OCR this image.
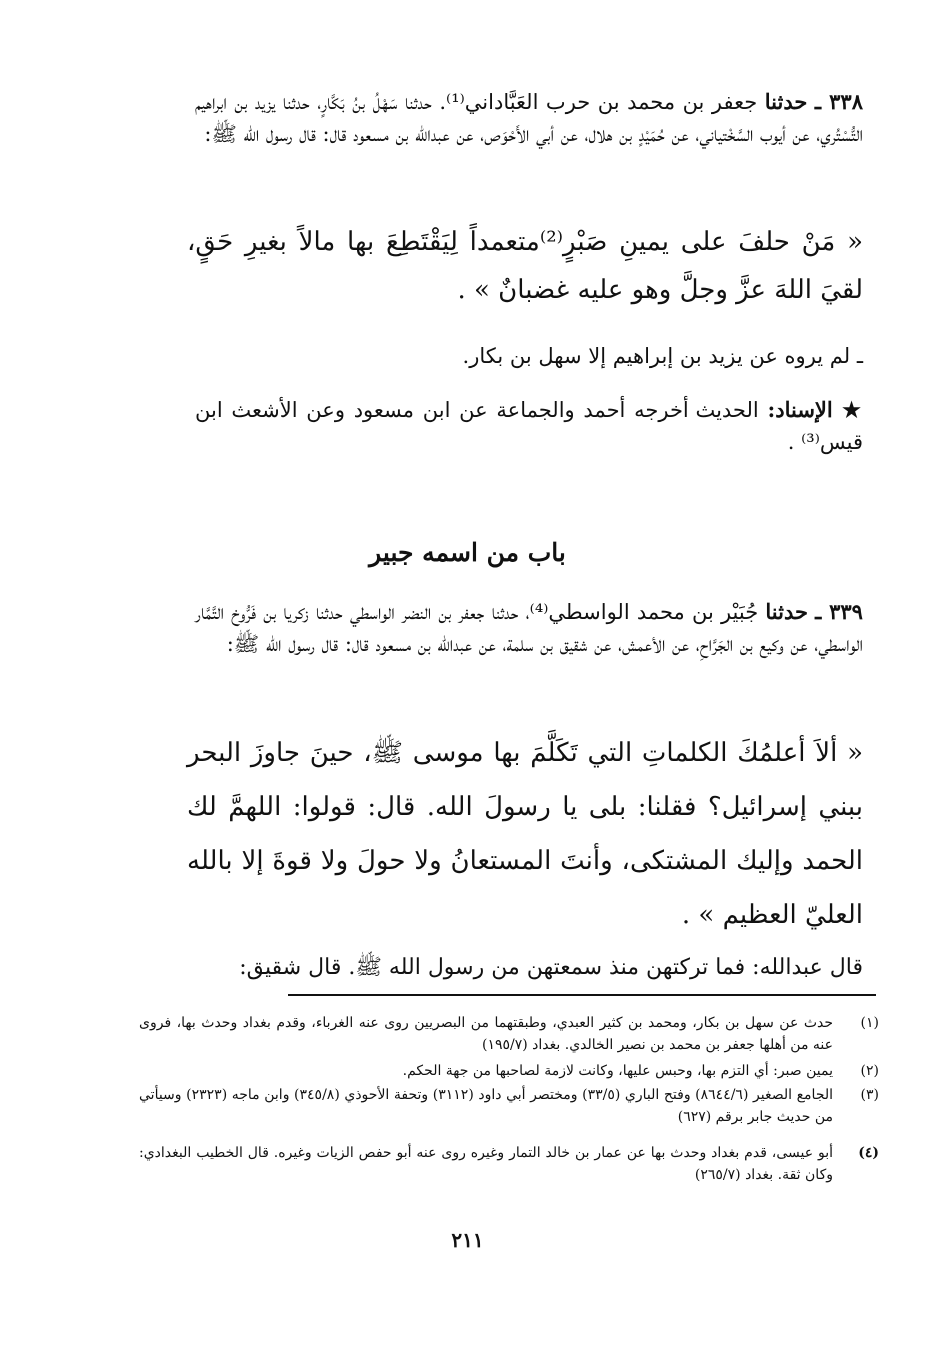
٣٣٨ ـ حدثنا جعفر بن محمد بن حرب العَبَّاداني⁽¹⁾. حدثنا سَهْلُ بنُ بَكَّارٍ، حدثنا يزيد بن ابراهيم التُّسْتُري، عن أيوب السَّخْتياني، عن حُمَيْدٍ بن هلال، عن أبي الأَحْوَص، عن عبدالله بن مسعود قال: قال رسول الله ﷺ:
« مَنْ حلفَ على يمينِ صَبْرٍ⁽²⁾متعمداً لِيَقْتَطِعَ بها مالاً بغيرِ حَقٍ، لقيَ اللهَ عزَّ وجلَّ وهو عليه غضبانٌ » .
ـ لم يروه عن يزيد بن إبراهيم إلا سهل بن بكار.
★ الإسناد: الحديث أخرجه أحمد والجماعة عن ابن مسعود وعن الأشعث ابن قيس⁽³⁾ .
باب من اسمه جبير
٣٣٩ ـ حدثنا جُبَيْر بن محمد الواسطي⁽⁴⁾، حدثنا جعفر بن النضر الواسطي حدثنا زكريا بن فَرُّوخ التَّمَّار الواسطي، عن وكيع بن الجَرَّاحِ، عن الأعمش، عن شقيق بن سلمة، عن عبدالله بن مسعود قال: قال رسول الله ﷺ:
« ألاَ أعلمُكَ الكلماتِ التي تَكَلَّمَ بها موسى ﷺ، حينَ جاوزَ البحر ببني إسرائيل؟ فقلنا: بلى يا رسولَ الله. قال: قولوا: اللهمَّ لك الحمد وإليك المشتكى، وأنتَ المستعانُ ولا حولَ ولا قوةَ إلا بالله العليّ العظيم » .
قال عبدالله: فما تركتهن منذ سمعتهن من رسول الله ﷺ. قال شقيق:
(١)
حدث عن سهل بن بكار، ومحمد بن كثير العبدي، وطبقتهما من البصريين روى عنه الغرباء، وقدم بغداد وحدث بها، فروى عنه من أهلها جعفر بن محمد بن نصير الخالدي. بغداد (١٩٥/٧)
(٢)
يمين صبر: أي التزم بها، وحبس عليها، وكانت لازمة لصاحبها من جهة الحكم.
(٣)
الجامع الصغير (٨٦٤٤/٦) وفتح الباري (٣٣/٥) ومختصر أبي داود (٣١١٢) وتحفة الأحوذي (٣٤٥/٨) وابن ماجه (٢٣٢٣) وسيأتي من حديث جابر برقم (٦٢٧)
(٤)
أبو عيسى، قدم بغداد وحدث بها عن عمار بن خالد التمار وغيره روى عنه أبو حفص الزيات وغيره. قال الخطيب البغدادي: وكان ثقة. بغداد (٢٦٥/٧)
٢١١
